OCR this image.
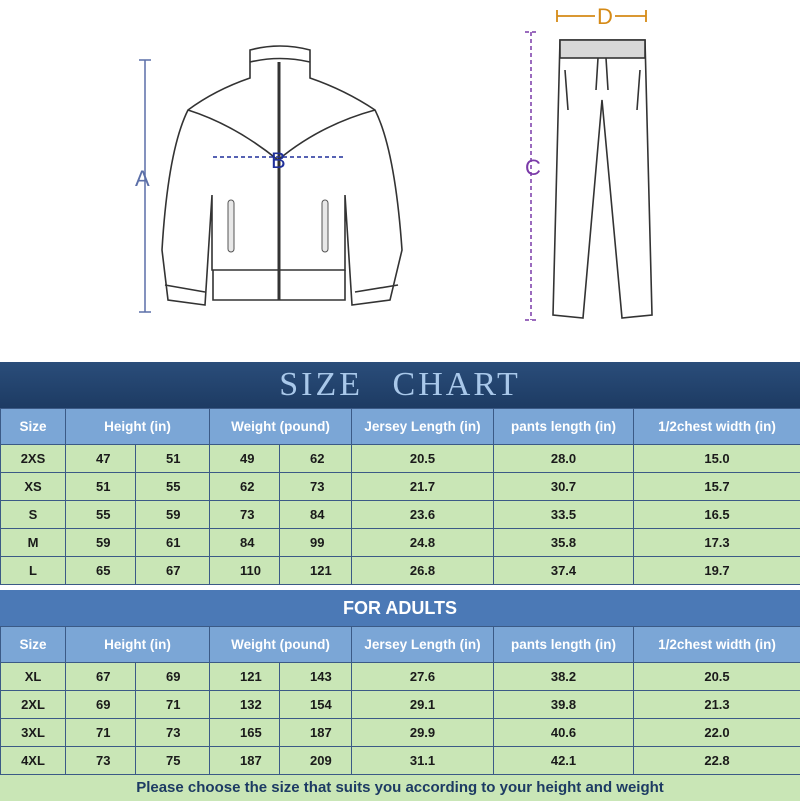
A
B	C
D
SIZE CHART
Size	Height (in)		Weight (pound)		Jersey Length (in)	pants length (in)	1/2chest width (in)
2XS	47	51	49	62	20.5	28.0	15.0
XS	51	55	62	73	21.7	30.7	15.7
S	55	59	73	84	23.6	33.5	16.5
M	59	61	84	99	24.8	35.8	17.3
L	65	67	110	121	26.8	37.4	19.7
FOR ADULTS
Size	Height (in)		Weight (pound)		Jersey Length (in)	pants length (in)	1/2chest width (in)
XL	67	69	121	143	27.6	38.2	20.5
2XL	69	71	132	154	29.1	39.8	21.3
3XL	71	73	165	187	29.9	40.6	22.0
4XL	73	75	187	209	31.1	42.1	22.8
Please choose the size that suits you according to your height and weight
